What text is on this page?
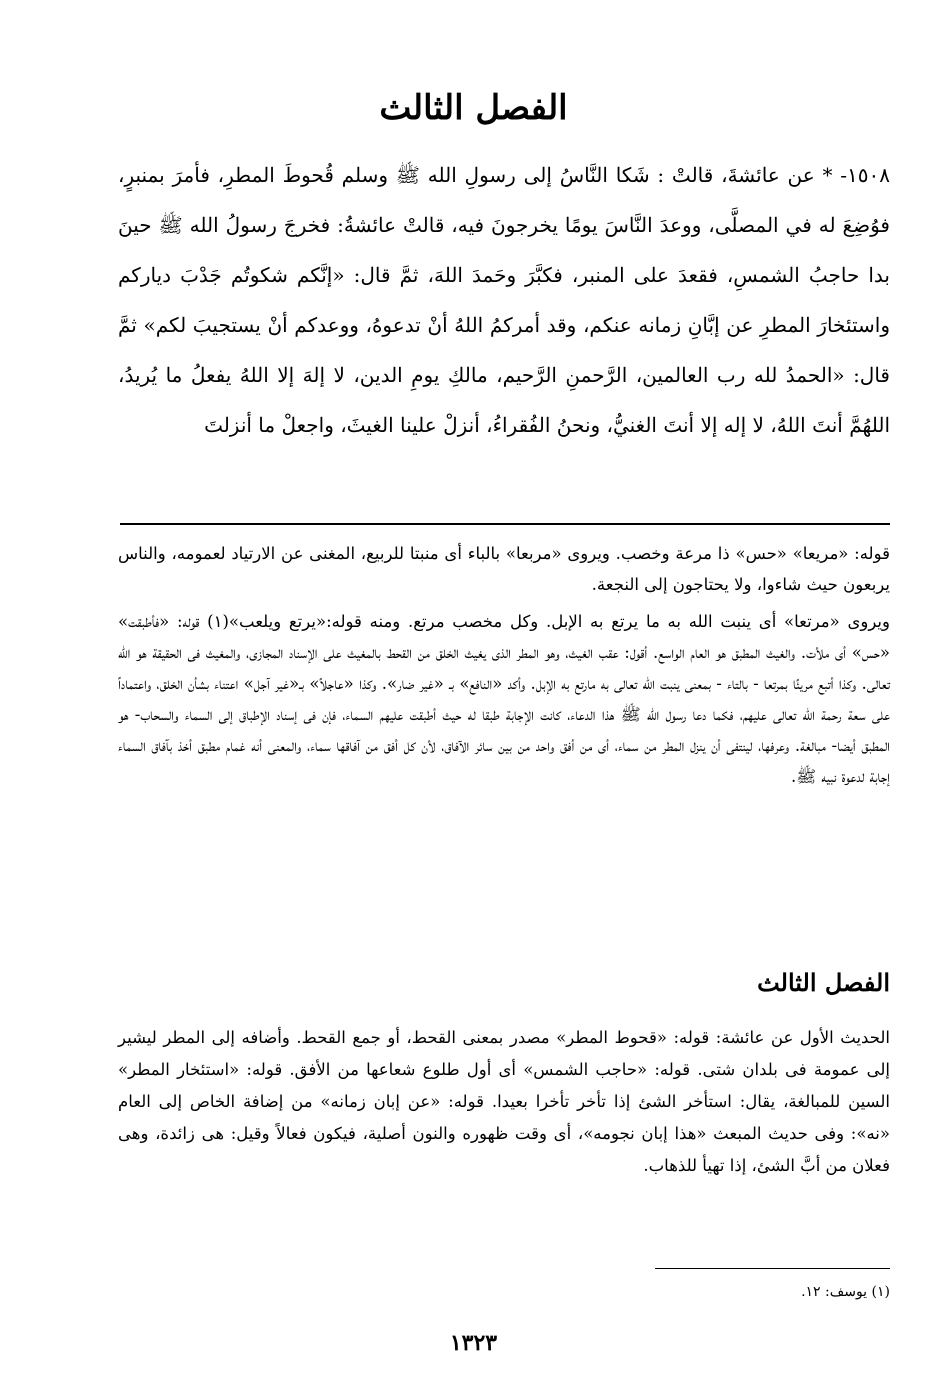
الفصل الثالث
١٥٠٨- * عن عائشةَ، قالتْ : شَكا النَّاسُ إلى رسولِ الله ﷺ وسلم قُحوطَ المطرِ، فأمرَ بمنبرٍ، فوُضِعَ له في المصلَّى، ووعدَ النَّاسَ يومًا يخرجونَ فيه، قالتْ عائشةُ: فخرجَ رسولُ الله ﷺ حينَ بدا حاجبُ الشمسِ، فقعدَ على المنبر، فكبَّرَ وحَمدَ اللهَ، ثمَّ قال: «إنَّكم شكوتُم جَدْبَ دياركم واستئخارَ المطرِ عن إبَّانِ زمانه عنكم، وقد أمركمُ اللهُ أنْ تدعوهُ، ووعدكم أنْ يستجيبَ لكم» ثمَّ قال: «الحمدُ لله رب العالمين، الرَّحمنِ الرَّحيم، مالكِ يومِ الدين، لا إلهَ إلا اللهُ يفعلُ ما يُريدُ، اللهُمَّ أنتَ اللهُ، لا إله إلا أنتَ الغنيُّ، ونحنُ الفُقراءُ، أنزلْ علينا الغيثَ، واجعلْ ما أنزلتَ

قوله: «مريعا» «حس» ذا مرعة وخصب. ويروى «مربعا» بالباء أى منبتا للربيع، المغنى عن الارتياد لعمومه، والناس يربعون حيث شاءوا، ولا يحتاجون إلى النجعة.

ويروى «مرتعا» أى ينبت الله به ما يرتع به الإبل. وكل مخصب مرتع. ومنه قوله:«يرتع ويلعب»(١) قوله: «فأطبقت» «حس» أى ملأت. والغيث المطبق هو العام الواسع. أقول: عقب الغيث، وهو المطر الذى يغيث الخلق من القحط بالمغيث على الإسناد المجازى، والمغيث فى الحقيقة هو الله تعالى. وكذا أتبع مريئًا بمرتعا - بالتاء - بمعنى ينبت الله تعالى به مارتع به الإبل. وأكد «النافع» بـ «غير ضار». وكذا «عاجلاً» بـ«غير آجل» اعتناء بشأن الخلق، واعتماداً على سعة رحمة الله تعالى عليهم، فكما دعا رسول الله ﷺ هذا الدعاء، كانت الإجابة طبقا له حيث أطبقت عليهم السماء، فإن فى إسناد الإطباق إلى السماء والسحاب- هو المطبق أيضا- مبالغة. وعرفها، لينتفى أن ينزل المطر من سماء، أى من أفق واحد من بين سائر الآفاق، لأن كل أفق من آفاقها سماء، والمعنى أنه غمام مطبق أخذ بآفاق السماء إجابة لدعوة نبيه ﷺ.

الفصل الثالث
الحديث الأول عن عائشة: قوله: «قحوط المطر» مصدر بمعنى القحط، أو جمع القحط. وأضافه إلى المطر ليشير إلى عمومة فى بلدان شتى. قوله: «حاجب الشمس» أى أول طلوع شعاعها من الأفق. قوله: «استئخار المطر» السين للمبالغة، يقال: استأخر الشئ إذا تأخر تأخرا بعيدا. قوله: «عن إبان زمانه» من إضافة الخاص إلى العام «نه»: وفى حديث المبعث «هذا إبان نجومه»، أى وقت ظهوره والنون أصلية، فيكون فعالاً وقيل: هى زائدة، وهى فعلان من أبَّ الشئ، إذا تهيأ للذهاب.
(١) يوسف: ١٢.
١٣٢٣
